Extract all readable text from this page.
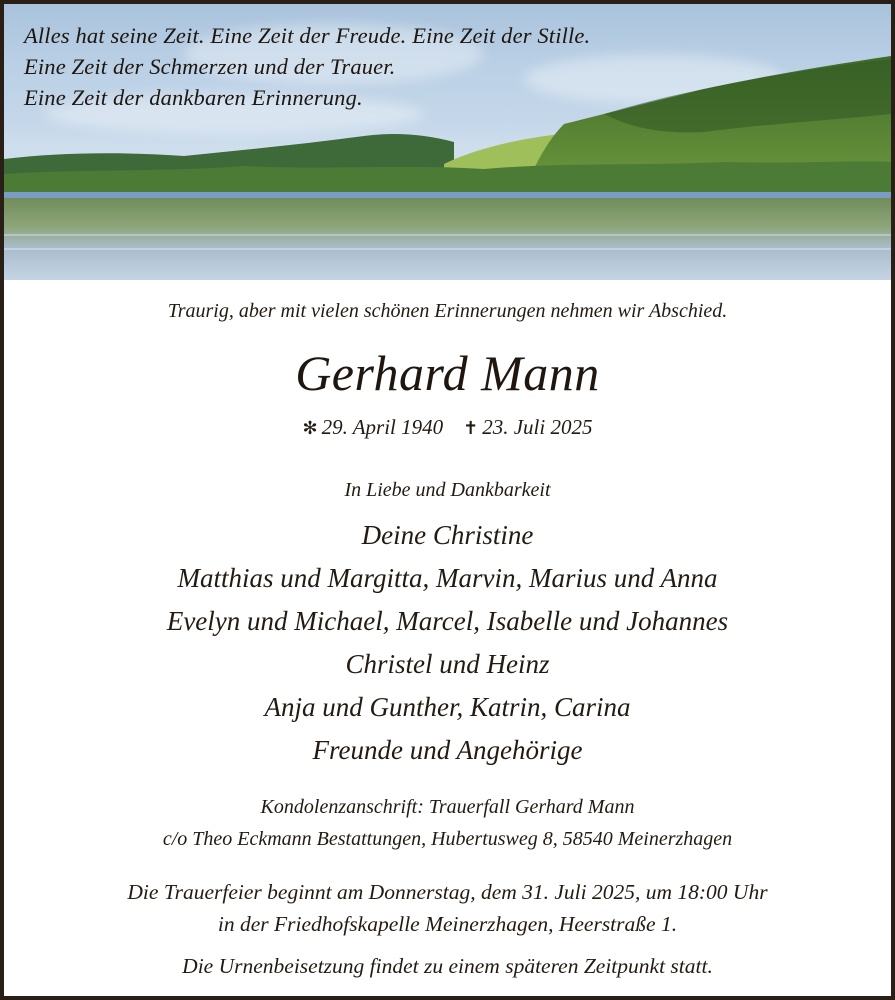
Alles hat seine Zeit. Eine Zeit der Freude. Eine Zeit der Stille.
Eine Zeit der Schmerzen und der Trauer.
Eine Zeit der dankbaren Erinnerung.
Traurig, aber mit vielen schönen Erinnerungen nehmen wir Abschied.
Gerhard Mann
✻ 29. April 1940 ✝ 23. Juli 2025
In Liebe und Dankbarkeit
Deine Christine
Matthias und Margitta, Marvin, Marius und Anna
Evelyn und Michael, Marcel, Isabelle und Johannes
Christel und Heinz
Anja und Gunther, Katrin, Carina
Freunde und Angehörige
Kondolenzanschrift: Trauerfall Gerhard Mann
c/o Theo Eckmann Bestattungen, Hubertusweg 8, 58540 Meinerzhagen
Die Trauerfeier beginnt am Donnerstag, dem 31. Juli 2025, um 18:00 Uhr
in der Friedhofskapelle Meinerzhagen, Heerstraße 1.
Die Urnenbeisetzung findet zu einem späteren Zeitpunkt statt.
